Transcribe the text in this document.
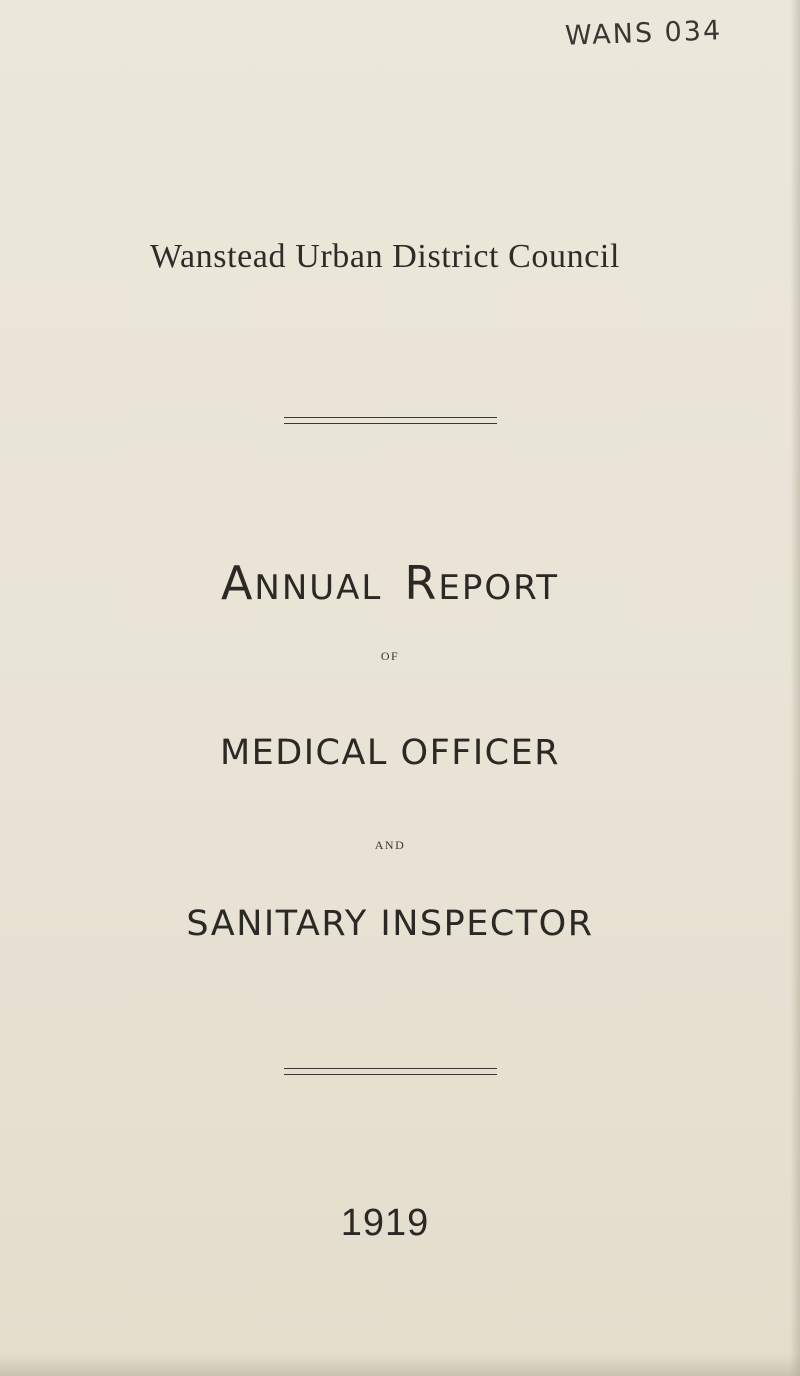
WANS 034
Wanstead Urban District Council
ANNUAL REPORT
OF
MEDICAL OFFICER
AND
SANITARY INSPECTOR
1919
